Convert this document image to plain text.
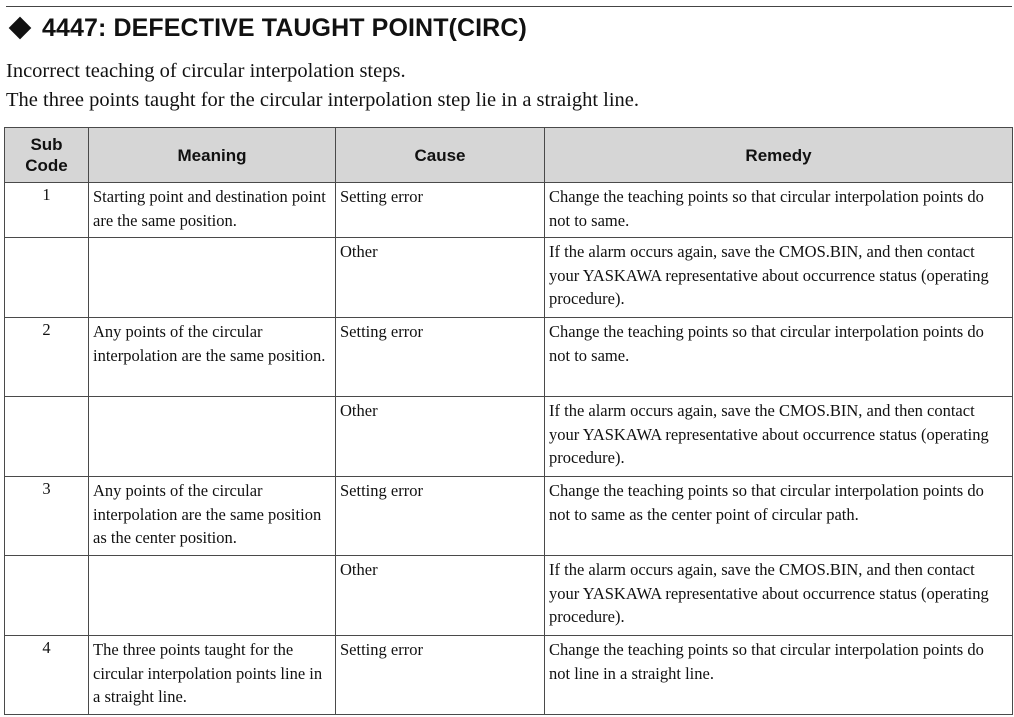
4447: DEFECTIVE TAUGHT POINT(CIRC)

Incorrect teaching of circular interpolation steps.

The three points taught for the circular interpolation step lie in a straight line.

Sub
Code	Meaning	Cause	Remedy
1	Starting point and destination point are the same position.	Setting error	Change the teaching points so that circular interpolation points do not to same.

		Other	If the alarm occurs again, save the CMOS.BIN, and then contact your YASKAWA representative about occurrence status (operating procedure).

2	Any points of the circular interpolation are the same position.	Setting error	Change the teaching points so that circular interpolation points do not to same.

		Other	If the alarm occurs again, save the CMOS.BIN, and then contact your YASKAWA representative about occurrence status (operating procedure).

3	Any points of the circular interpolation are the same position as the center position.	Setting error	Change the teaching points so that circular interpolation points do not to same as the center point of circular path.

		Other	If the alarm occurs again, save the CMOS.BIN, and then contact your YASKAWA representative about occurrence status (operating procedure).

4	The three points taught for the circular interpolation points line in a straight line.	Setting error	Change the teaching points so that circular interpolation points do not line in a straight line.
